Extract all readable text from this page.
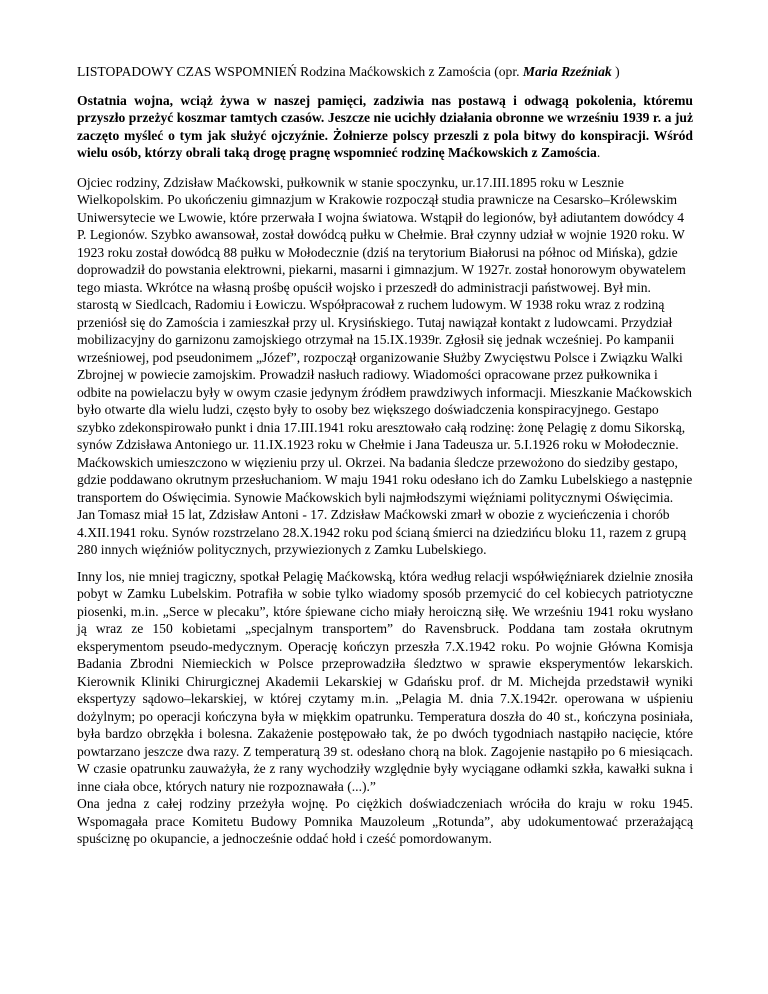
LISTOPADOWY CZAS WSPOMNIEŃ Rodzina Maćkowskich z Zamościa (opr. Maria Rzeźniak )

Ostatnia wojna, wciąż żywa w naszej pamięci, zadziwia nas postawą i odwagą pokolenia, któremu przyszło przeżyć koszmar tamtych czasów. Jeszcze nie ucichły działania obronne we wrześniu 1939 r. a już zaczęto myśleć o tym jak służyć ojczyźnie. Żołnierze polscy przeszli z pola bitwy do konspiracji. Wśród wielu osób, którzy obrali taką drogę pragnę wspomnieć rodzinę Maćkowskich z Zamościa.

Ojciec rodziny, Zdzisław Maćkowski, pułkownik w stanie spoczynku, ur.17.III.1895 roku w Lesznie Wielkopolskim. Po ukończeniu gimnazjum w Krakowie rozpoczął studia prawnicze na Cesarsko–Królewskim Uniwersytecie we Lwowie, które przerwała I wojna światowa. Wstąpił do legionów, był adiutantem dowódcy 4 P. Legionów. Szybko awansował, został dowódcą pułku w Chełmie. Brał czynny udział w wojnie 1920 roku. W 1923 roku został dowódcą 88 pułku w Mołodecznie (dziś na terytorium Białorusi na północ od Mińska), gdzie doprowadził do powstania elektrowni, piekarni, masarni i gimnazjum. W 1927r. został honorowym obywatelem tego miasta. Wkrótce na własną prośbę opuścił wojsko i przeszedł do administracji państwowej. Był min. starostą w Siedlcach, Radomiu i Łowiczu. Współpracował z ruchem ludowym. W 1938 roku wraz z rodziną przeniósł się do Zamościa i zamieszkał przy ul. Krysińskiego. Tutaj nawiązał kontakt z ludowcami. Przydział mobilizacyjny do garnizonu zamojskiego otrzymał na 15.IX.1939r. Zgłosił się jednak wcześniej. Po kampanii wrześniowej, pod pseudonimem „Józef”, rozpoczął organizowanie Służby Zwycięstwu Polsce i Związku Walki Zbrojnej w powiecie zamojskim. Prowadził nasłuch radiowy. Wiadomości opracowane przez pułkownika i odbite na powielaczu były w owym czasie jedynym źródłem prawdziwych informacji. Mieszkanie Maćkowskich było otwarte dla wielu ludzi, często były to osoby bez większego doświadczenia konspiracyjnego. Gestapo szybko zdekonspirowało punkt i dnia 17.III.1941 roku aresztowało całą rodzinę: żonę Pelagię z domu Sikorską, synów Zdzisława Antoniego ur. 11.IX.1923 roku w Chełmie i Jana Tadeusza ur. 5.I.1926 roku w Mołodecznie. Maćkowskich umieszczono w więzieniu przy ul. Okrzei. Na badania śledcze przewożono do siedziby gestapo, gdzie poddawano okrutnym przesłuchaniom. W maju 1941 roku odesłano ich do Zamku Lubelskiego a następnie transportem do Oświęcimia. Synowie Maćkowskich byli najmłodszymi więźniami politycznymi Oświęcimia. Jan Tomasz miał 15 lat, Zdzisław Antoni - 17. Zdzisław Maćkowski zmarł w obozie z wycieńczenia i chorób 4.XII.1941 roku. Synów rozstrzelano 28.X.1942 roku pod ścianą śmierci na dziedzińcu bloku 11, razem z grupą 280 innych więźniów politycznych, przywiezionych z Zamku Lubelskiego.

Inny los, nie mniej tragiczny, spotkał Pelagię Maćkowską, która według relacji współwięźniarek dzielnie znosiła pobyt w Zamku Lubelskim. Potrafiła w sobie tylko wiadomy sposób przemycić do cel kobiecych patriotyczne piosenki, m.in. „Serce w plecaku”, które śpiewane cicho miały heroiczną siłę. We wrześniu 1941 roku wysłano ją wraz ze 150 kobietami „specjalnym transportem” do Ravensbruck. Poddana tam została okrutnym eksperymentom pseudo-medycznym. Operację kończyn przeszła 7.X.1942 roku. Po wojnie Główna Komisja Badania Zbrodni Niemieckich w Polsce przeprowadziła śledztwo w sprawie eksperymentów lekarskich. Kierownik Kliniki Chirurgicznej Akademii Lekarskiej w Gdańsku prof. dr M. Michejda przedstawił wyniki ekspertyzy sądowo–lekarskiej, w której czytamy m.in. „Pelagia M. dnia 7.X.1942r. operowana w uśpieniu dożylnym; po operacji kończyna była w miękkim opatrunku. Temperatura doszła do 40 st., kończyna posiniała, była bardzo obrzękła i bolesna. Zakażenie postępowało tak, że po dwóch tygodniach nastąpiło nacięcie, które powtarzano jeszcze dwa razy. Z temperaturą 39 st. odesłano chorą na blok. Zagojenie nastąpiło po 6 miesiącach. W czasie opatrunku zauważyła, że z rany wychodziły względnie były wyciągane odłamki szkła, kawałki sukna i inne ciała obce, których natury nie rozpoznawała (...).”

Ona jedna z całej rodziny przeżyła wojnę. Po ciężkich doświadczeniach wróciła do kraju w roku 1945. Wspomagała prace Komitetu Budowy Pomnika Mauzoleum „Rotunda”, aby udokumentować przerażającą spuściznę po okupancie, a jednocześnie oddać hołd i cześć pomordowanym.
